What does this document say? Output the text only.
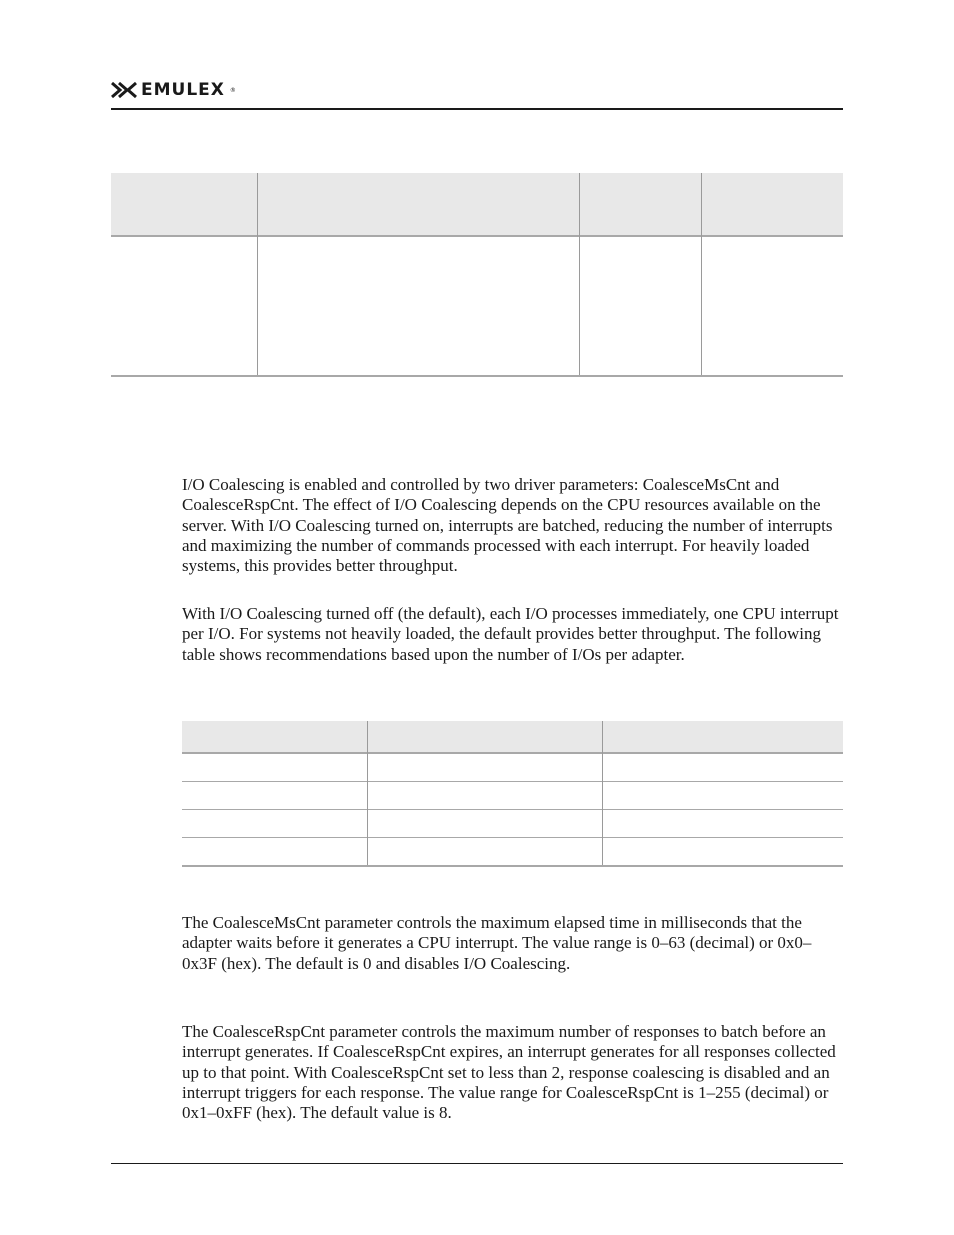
EMULEX ®
I/O Coalescing is enabled and controlled by two driver parameters: CoalesceMsCnt and CoalesceRspCnt. The effect of I/O Coalescing depends on the CPU resources available on the server. With I/O Coalescing turned on, interrupts are batched, reducing the number of interrupts and maximizing the number of commands processed with each interrupt. For heavily loaded systems, this provides better throughput.
With I/O Coalescing turned off (the default), each I/O processes immediately, one CPU interrupt per I/O. For systems not heavily loaded, the default provides better throughput. The following table shows recommendations based upon the number of I/Os per adapter.
The CoalesceMsCnt parameter controls the maximum elapsed time in milliseconds that the adapter waits before it generates a CPU interrupt. The value range is 0–63 (decimal) or 0x0–0x3F (hex). The default is 0 and disables I/O Coalescing.
The CoalesceRspCnt parameter controls the maximum number of responses to batch before an interrupt generates. If CoalesceRspCnt expires, an interrupt generates for all responses collected up to that point. With CoalesceRspCnt set to less than 2, response coalescing is disabled and an interrupt triggers for each response. The value range for CoalesceRspCnt is 1–255 (decimal) or 0x1–0xFF (hex). The default value is 8.
